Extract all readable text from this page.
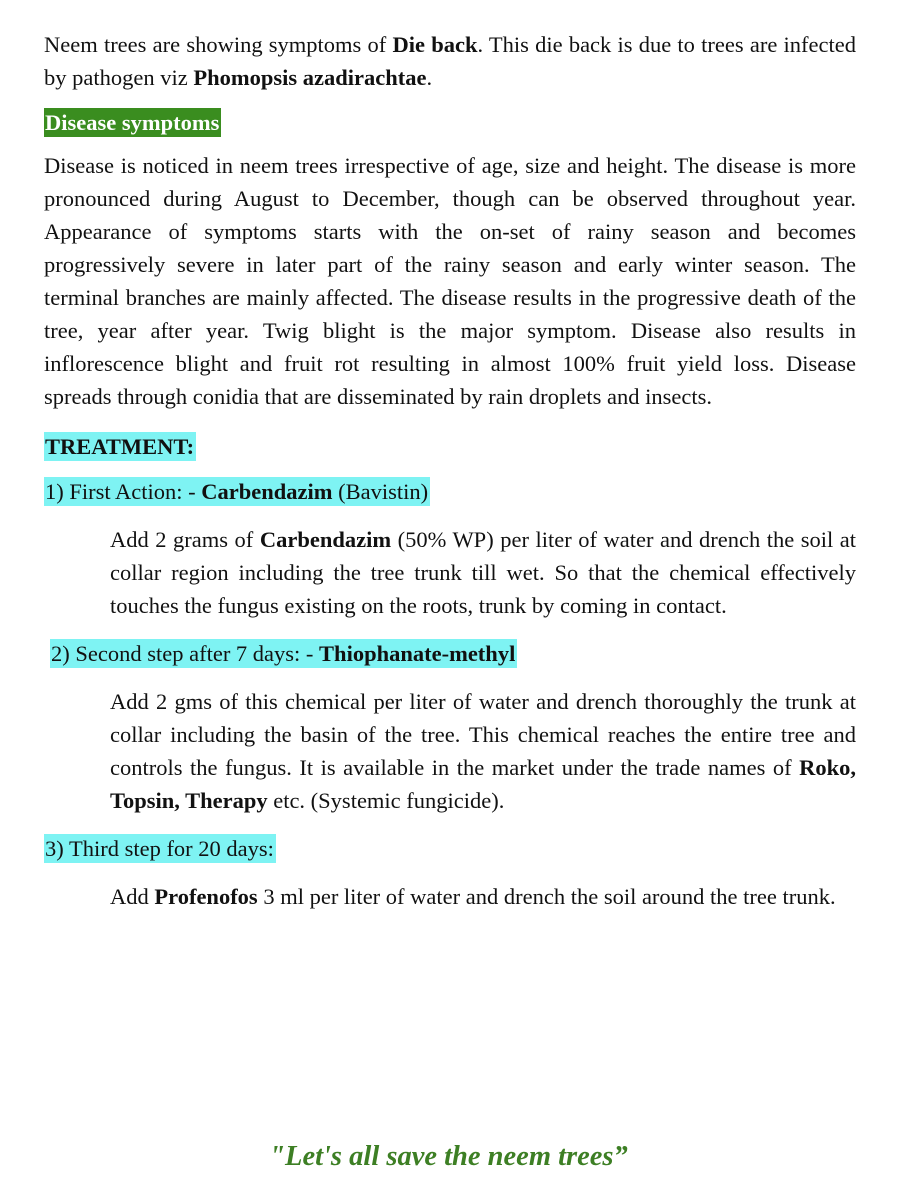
Neem trees are showing symptoms of Die back. This die back is due to trees are infected by pathogen viz Phomopsis azadirachtae.

Disease symptoms

Disease is noticed in neem trees irrespective of age, size and height. The disease is more pronounced during August to December, though can be observed throughout year. Appearance of symptoms starts with the on-set of rainy season and becomes progressively severe in later part of the rainy season and early winter season. The terminal branches are mainly affected. The disease results in the progressive death of the tree, year after year. Twig blight is the major symptom. Disease also results in inflorescence blight and fruit rot resulting in almost 100% fruit yield loss. Disease spreads through conidia that are disseminated by rain droplets and insects.

TREATMENT:
1) First Action: - Carbendazim (Bavistin)

Add 2 grams of Carbendazim (50% WP) per liter of water and drench the soil at collar region including the tree trunk till wet. So that the chemical effectively touches the fungus existing on the roots, trunk by coming in contact.

2) Second step after 7 days: - Thiophanate-methyl

Add 2 gms of this chemical per liter of water and drench thoroughly the trunk at collar including the basin of the tree. This chemical reaches the entire tree and controls the fungus. It is available in the market under the trade names of Roko, Topsin, Therapy etc. (Systemic fungicide).

3) Third step for 20 days:

Add Profenofos 3 ml per liter of water and drench the soil around the tree trunk.

"Let's all save the neem trees”
